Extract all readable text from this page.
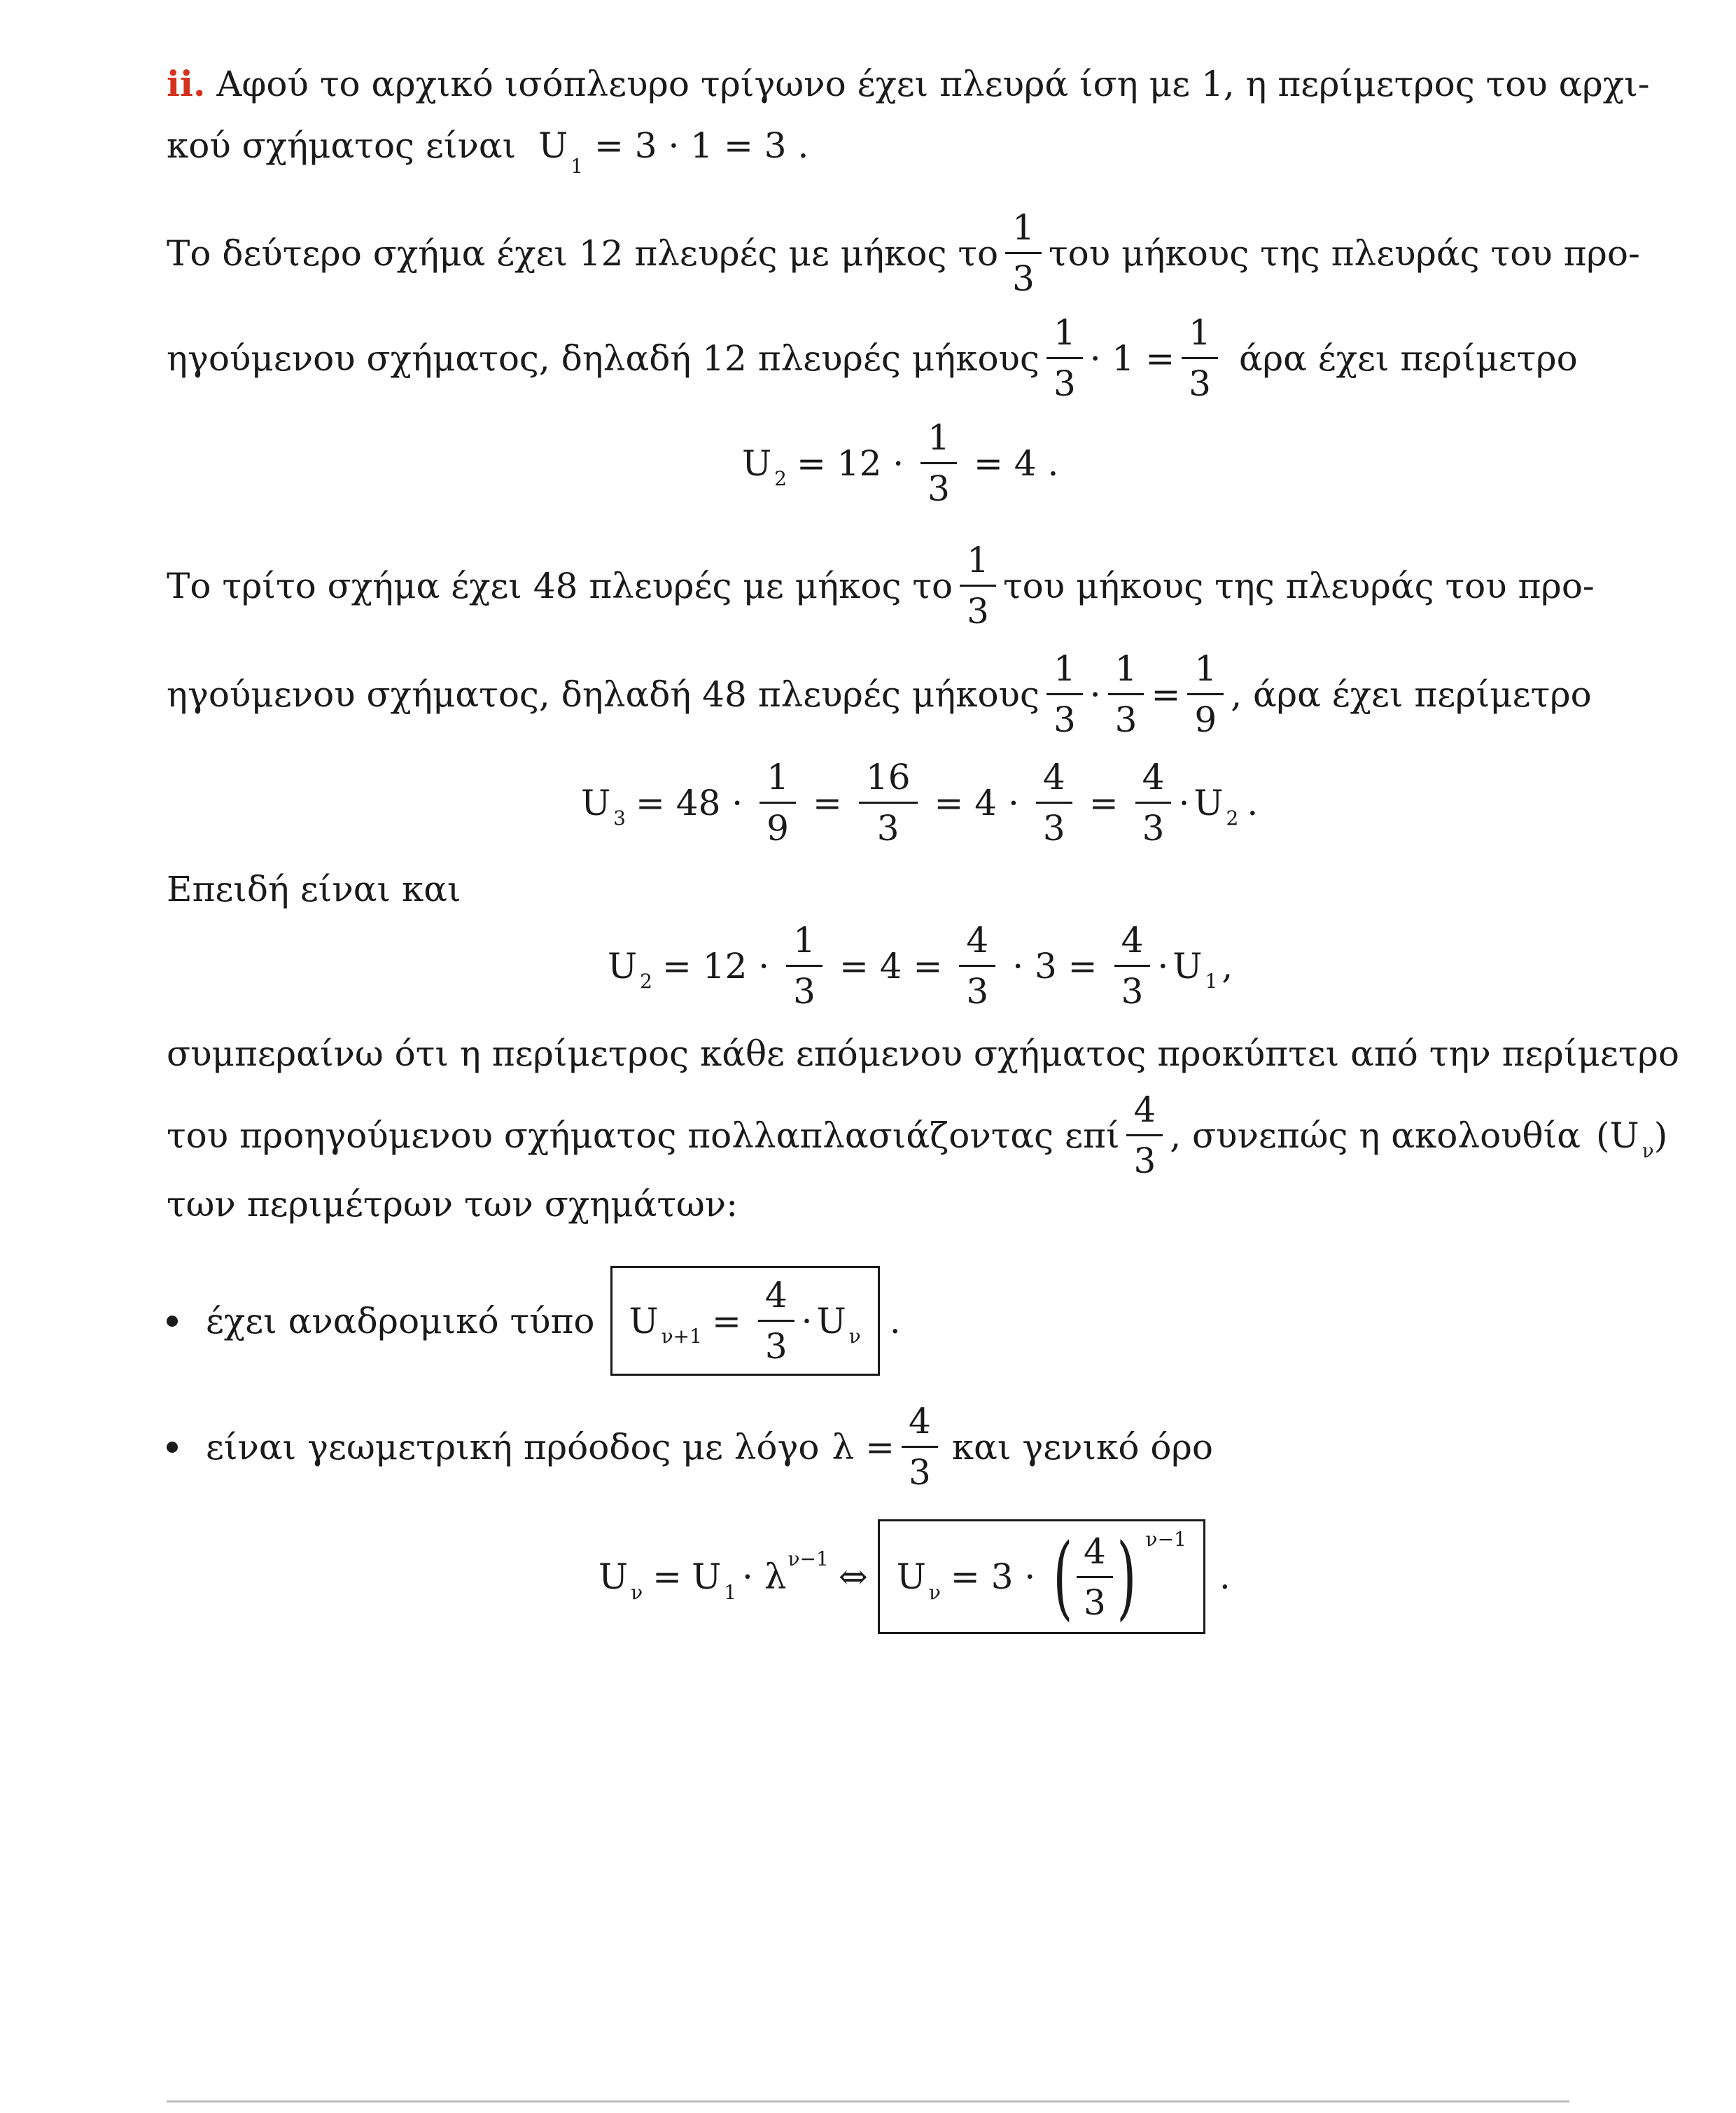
ii. Αφού το αρχικό ισόπλευρο τρίγωνο έχει πλευρά ίση με 1, η περίμετρος του αρχι-
κού σχήματος είναι $U_1 = 3 \cdot 1 = 3$ .
Το δεύτερο σχήμα έχει 12 πλευρές με μήκος το $\frac{1}{3}$ του μήκους της πλευράς του προ-
ηγούμενου σχήματος, δηλαδή 12 πλευρές μήκους $\frac{1}{3} \cdot 1 = \frac{1}{3}$ άρα έχει περίμετρο
U $2 = 12 \cdot \frac{1}{3} = 4$ .
Το τρίτο σχήμα έχει 48 πλευρές με μήκος το $\frac{1}{3}$ του μήκους της πλευράς του προ-
ηγούμενου σχήματος, δηλαδή 48 πλευρές μήκους $\frac{1}{3} \cdot \frac{1}{3} = \frac{1}{9}$ , άρα έχει περίμετρο
U $3 = 48 \cdot \frac{1}{9} = \frac{16}{3} = 4 \cdot \frac{4}{3} = \frac{4}{3} \cdot U$ 2 .
Επειδή είναι και
U $2 = 12 \cdot \frac{1}{3} = 4 = \frac{4}{3} \cdot 3 = \frac{4}{3} \cdot U$ 1 ,
συμπεραίνω ότι η περίμετρος κάθε επόμενου σχήματος προκύπτει από την περίμετρο
του προηγούμενου σχήματος πολλαπλασιάζοντας επί $\frac{4}{3}$ , συνεπώς η ακολουθία (U ν )
των περιμέτρων των σχημάτων:
έχει αναδρομικό τύπο U $\nu+1 = \frac{4}{3} \cdot U$ ν .
είναι γεωμετρική πρόοδος με λόγο $\lambda = \frac{4}{3}$ και γενικό όρο
U ν = U 1 · λ ν−1 ⇔ U ν = 3 · ( $\frac{4}{3}$ ) ν−1
.
